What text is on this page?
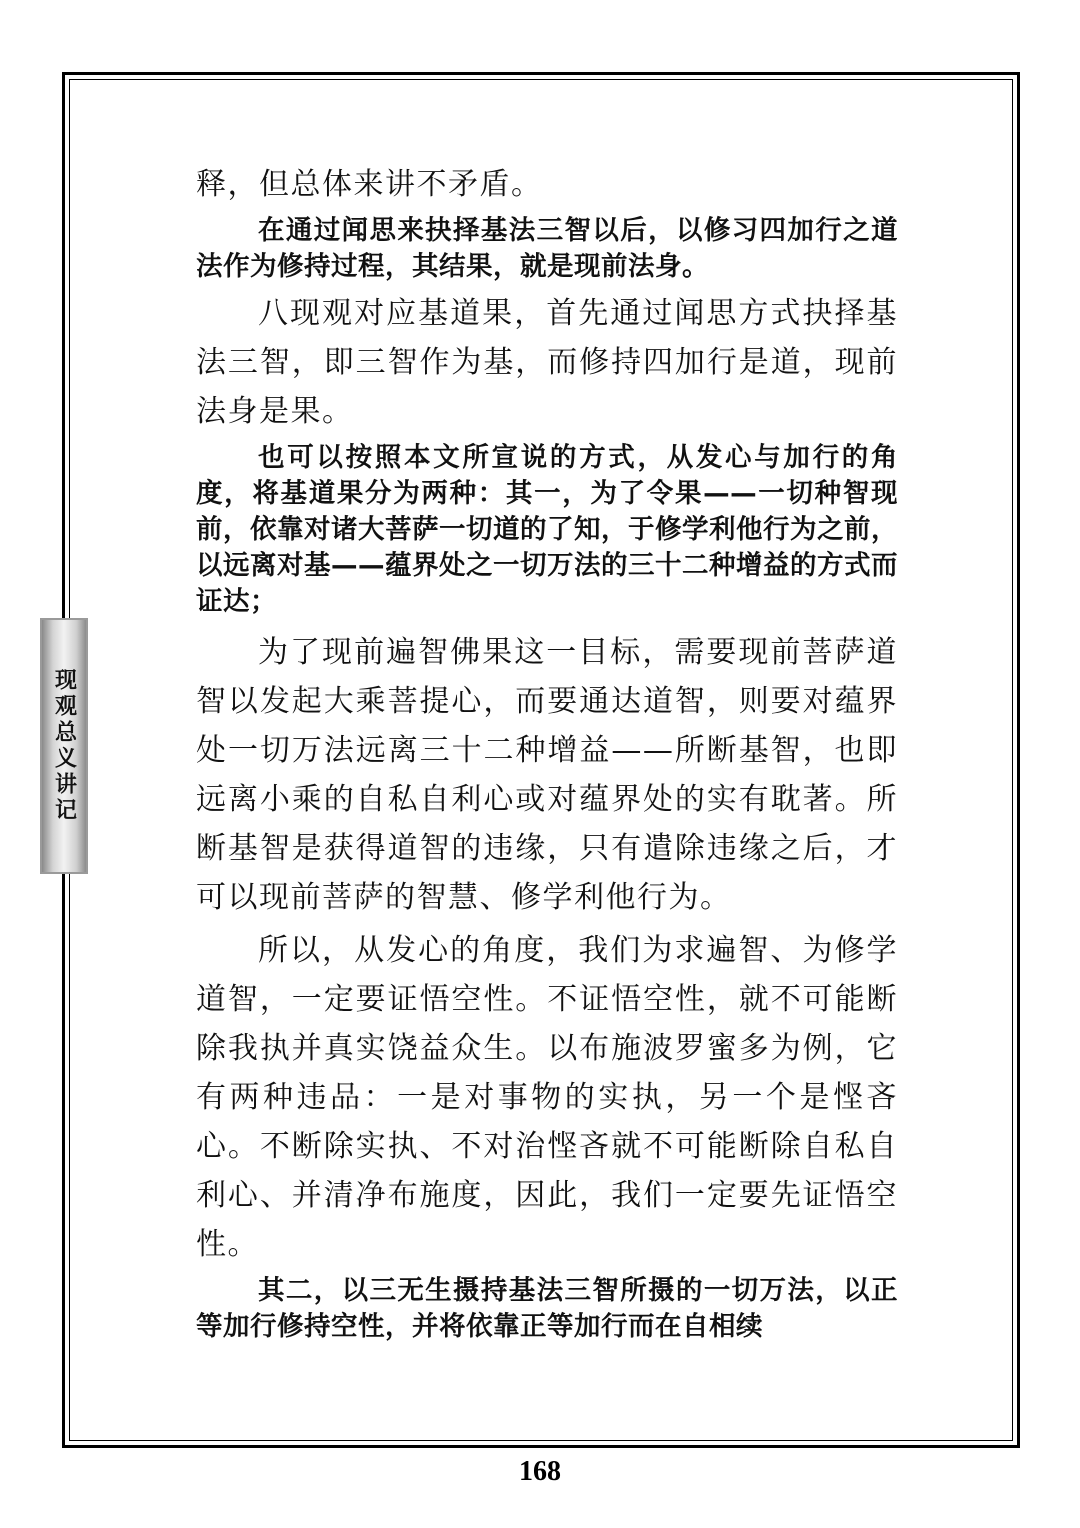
现观总义讲记

释，但总体来讲不矛盾。

在通过闻思来抉择基法三智以后，以修习四加行之道法作为修持过程，其结果，就是现前法身。

八现观对应基道果，首先通过闻思方式抉择基法三智，即三智作为基，而修持四加行是道，现前法身是果。

也可以按照本文所宣说的方式，从发心与加行的角度，将基道果分为两种：其一，为了令果——一切种智现前，依靠对诸大菩萨一切道的了知，于修学利他行为之前，以远离对基——蕴界处之一切万法的三十二种增益的方式而证达；

为了现前遍智佛果这一目标，需要现前菩萨道智以发起大乘菩提心，而要通达道智，则要对蕴界处一切万法远离三十二种增益——所断基智，也即远离小乘的自私自利心或对蕴界处的实有耽著。所断基智是获得道智的违缘，只有遣除违缘之后，才可以现前菩萨的智慧、修学利他行为。

所以，从发心的角度，我们为求遍智、为修学道智，一定要证悟空性。不证悟空性，就不可能断除我执并真实饶益众生。以布施波罗蜜多为例，它有两种违品：一是对事物的实执，另一个是悭吝心。不断除实执、不对治悭吝就不可能断除自私自利心、并清净布施度，因此，我们一定要先证悟空性。

其二，以三无生摄持基法三智所摄的一切万法，以正等加行修持空性，并将依靠正等加行而在自相续

168
